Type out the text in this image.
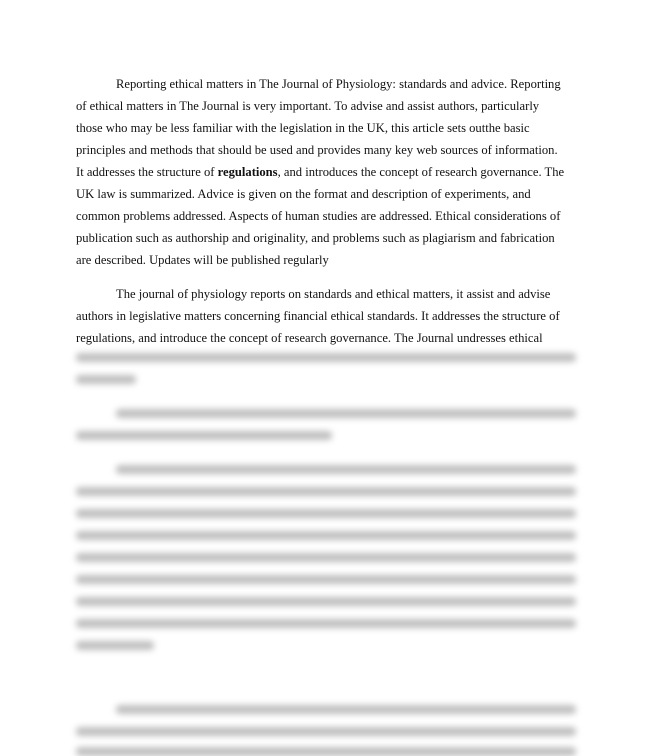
Reporting ethical matters in The Journal of Physiology: standards and advice. Reporting
of ethical matters in The Journal is very important. To advise and assist authors, particularly
those who may be less familiar with the legislation in the UK, this article sets outthe basic
principles and methods that should be used and provides many key web sources of information.
It addresses the structure of regulations, and introduces the concept of research governance. The
UK law is summarized. Advice is given on the format and description of experiments, and
common problems addressed. Aspects of human studies are addressed. Ethical considerations of
publication such as authorship and originality, and problems such as plagiarism and fabrication
are described. Updates will be published regularly

The journal of physiology reports on standards and ethical matters, it assist and advise
authors in legislative matters concerning financial ethical standards. It addresses the structure of
regulations, and introduce the concept of research governance. The Journal undresses ethical
